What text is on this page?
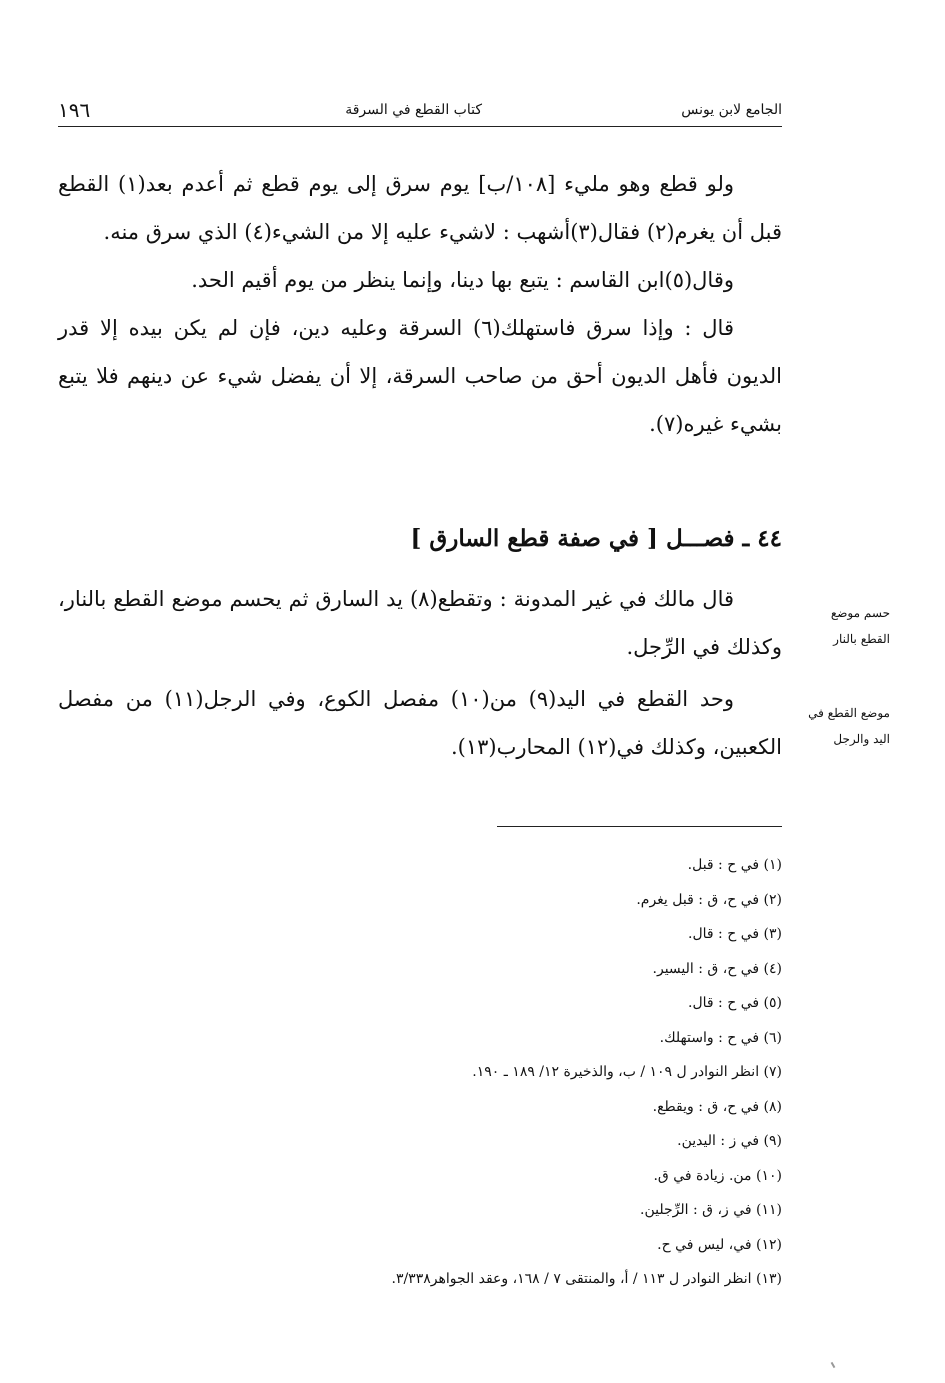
الجامع لابن يونس
كتاب القطع في السرقة
١٩٦

ولو قطع وهو مليء [١٠٨/ب] يوم سرق إلى يوم قطع ثم أعدم بعد(١) القطع قبل أن يغرم(٢) فقال(٣)أشهب : لاشيء عليه إلا من الشيء(٤) الذي سرق منه.

وقال(٥)ابن القاسم : يتبع بها دينا، وإنما ينظر من يوم أقيم الحد.

قال : وإذا سرق فاستهلك(٦) السرقة وعليه دين، فإن لم يكن بيده إلا قدر الديون فأهل الديون أحق من صاحب السرقة، إلا أن يفضل شيء عن دينهم فلا يتبع بشيء غيره(٧).

٤٤ ـ فصـــل [ في صفة قطع السارق ]

قال مالك في غير المدونة : وتقطع(٨) يد السارق ثم يحسم موضع القطع بالنار، وكذلك في الرِّجل.

وحد القطع في اليد(٩) من(١٠) مفصل الكوع، وفي الرجل(١١) من مفصل الكعبين، وكذلك في(١٢) المحارب(١٣).

حسم موضع
القطع بالنار
موضع القطع في
اليد والرجل
(١) في ح : قبل.
(٢) في ح، ق : قبل يغرم.
(٣) في ح : قال.
(٤) في ح، ق : اليسير.
(٥) في ح : قال.
(٦) في ح : واستهلك.
(٧) انظر النوادر ل ١٠٩ / ب، والذخيرة ١٢/ ١٨٩ ـ ١٩٠.
(٨) في ح، ق : ويقطع.
(٩) في ز : اليدين.
(١٠) من. زيادة في ق.
(١١) في ز، ق : الرِّجلين.
(١٢) في، ليس في ح.
(١٣) انظر النوادر ل ١١٣ / أ، والمنتقى ٧ / ١٦٨، وعقد الجواهر٣/٣٣٨.
